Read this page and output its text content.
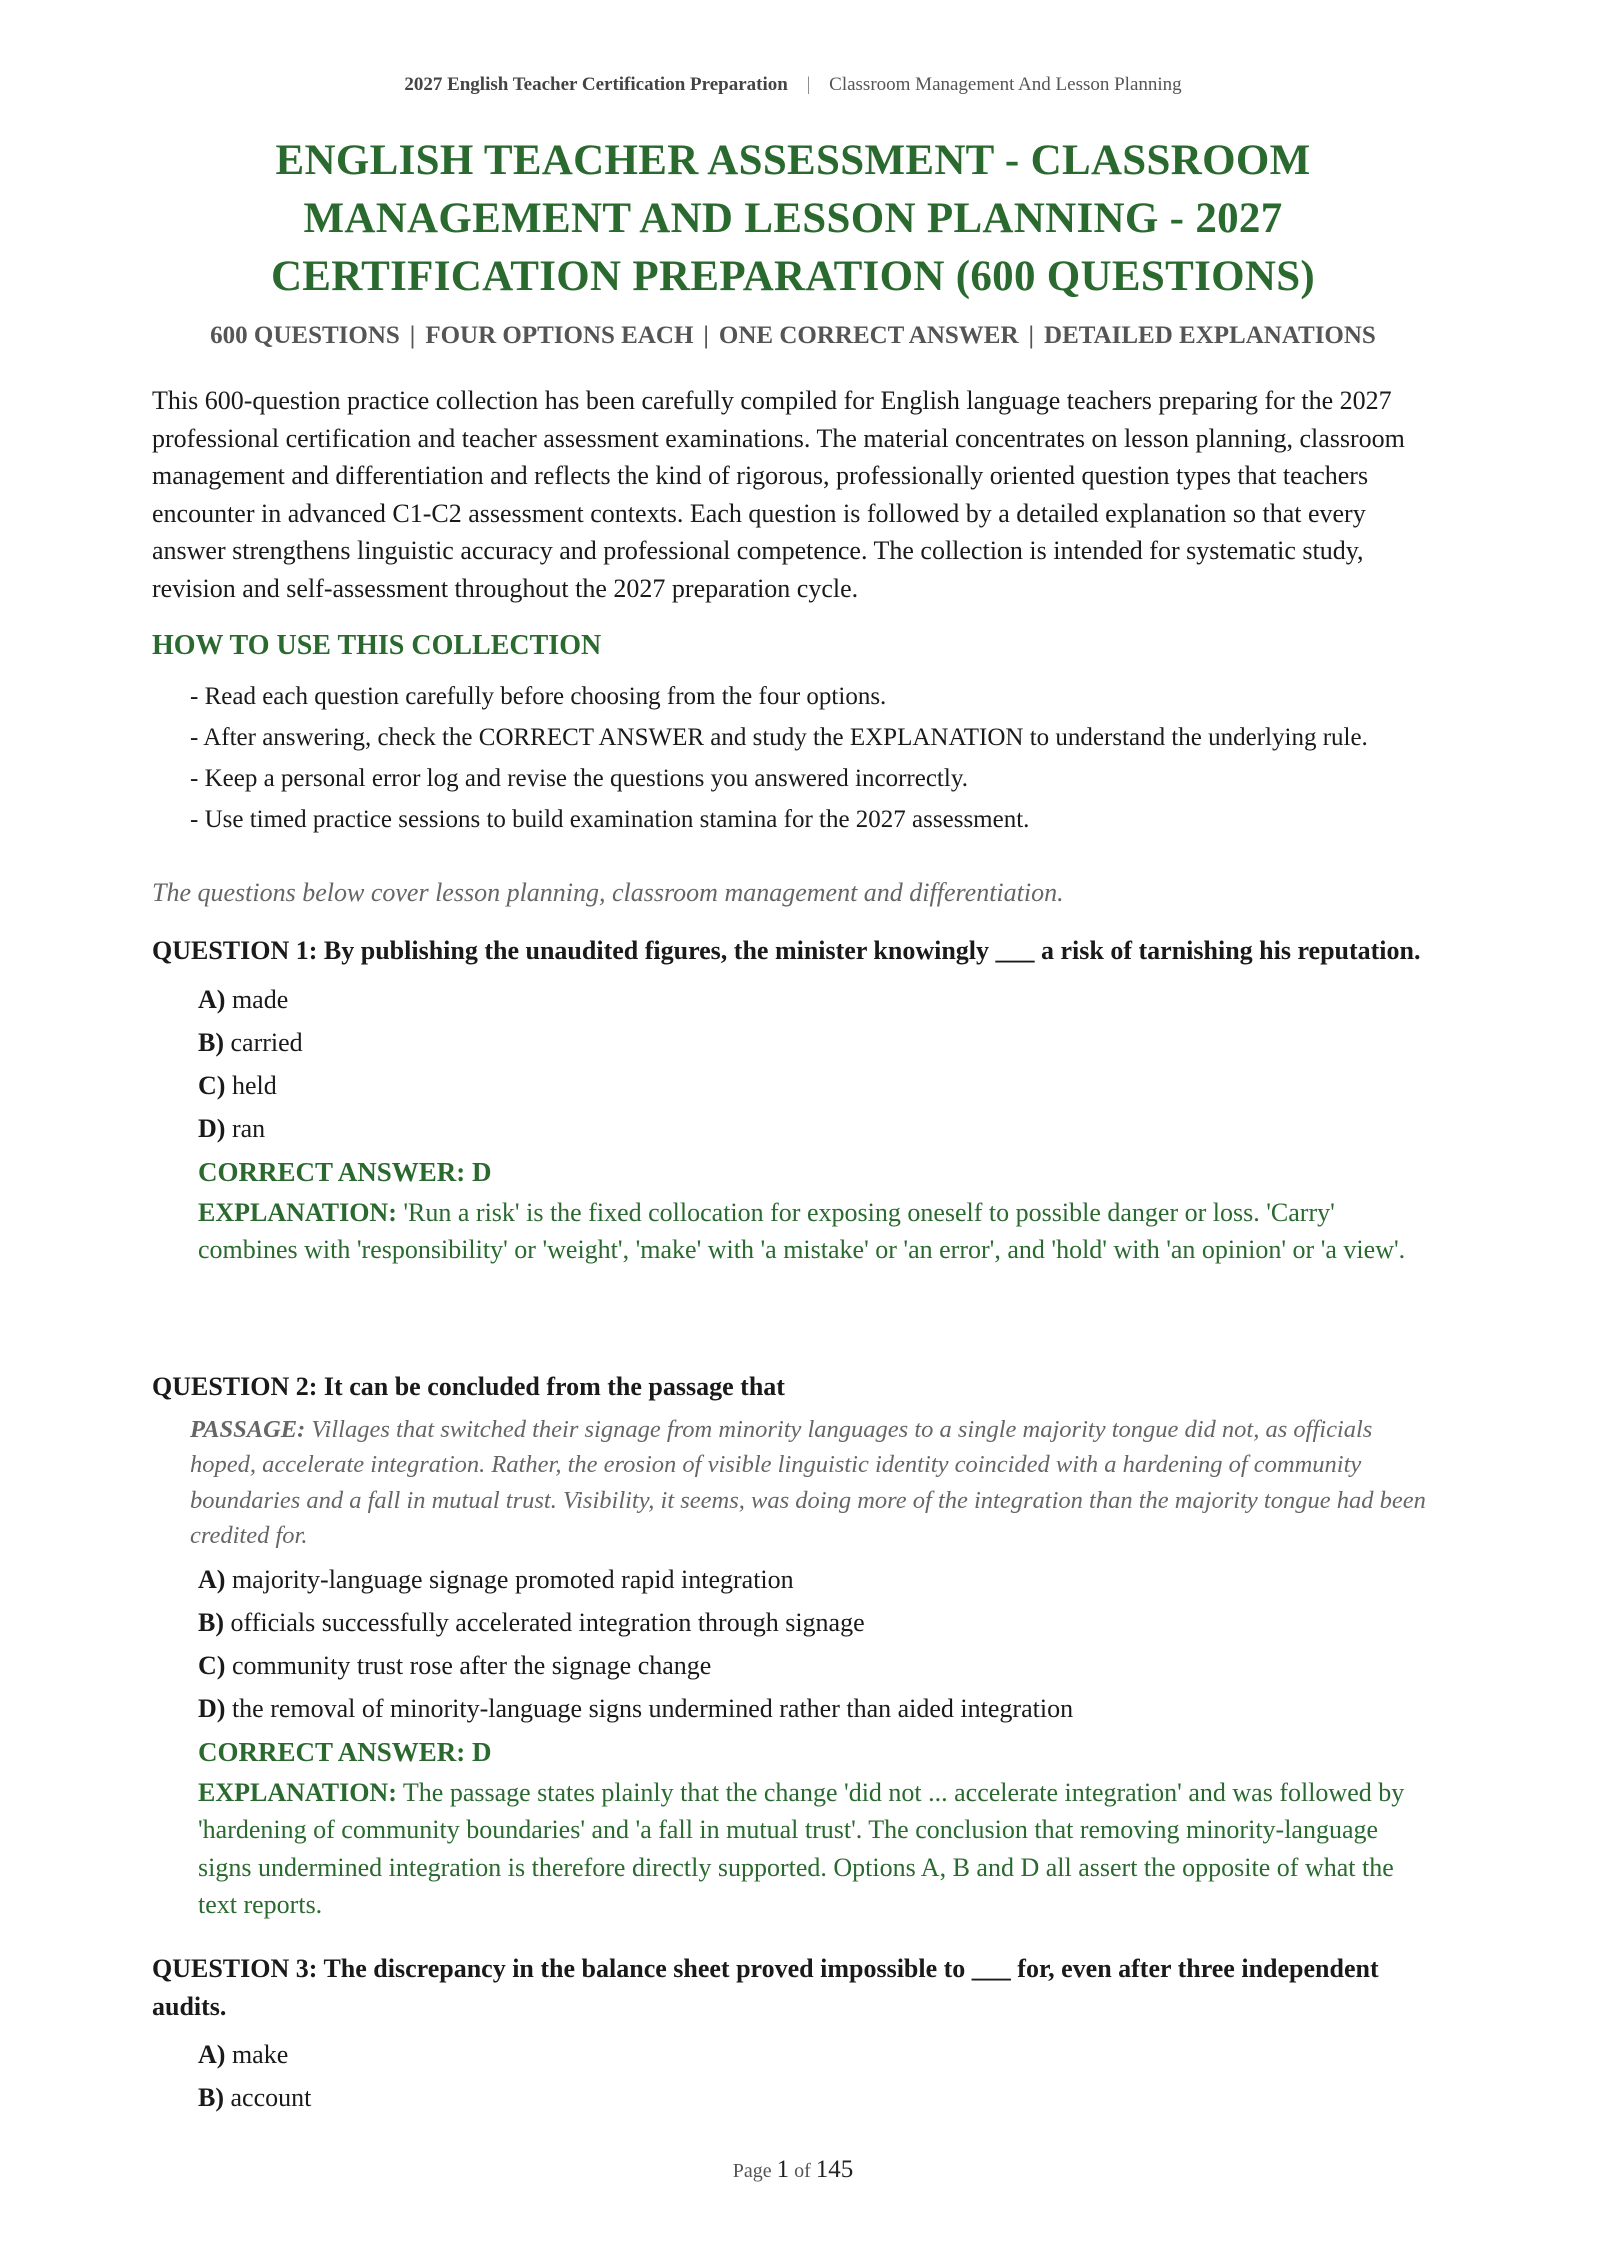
2027 English Teacher Certification Preparation | Classroom Management And Lesson Planning
ENGLISH TEACHER ASSESSMENT - CLASSROOM
MANAGEMENT AND LESSON PLANNING - 2027
CERTIFICATION PREPARATION (600 QUESTIONS)
600 QUESTIONS | FOUR OPTIONS EACH | ONE CORRECT ANSWER | DETAILED EXPLANATIONS

This 600-question practice collection has been carefully compiled for English language teachers preparing for the 2027 professional certification and teacher assessment examinations. The material concentrates on lesson planning, classroom management and differentiation and reflects the kind of rigorous, professionally oriented question types that teachers encounter in advanced C1-C2 assessment contexts. Each question is followed by a detailed explanation so that every answer strengthens linguistic accuracy and professional competence. The collection is intended for systematic study, revision and self-assessment throughout the 2027 preparation cycle.

HOW TO USE THIS COLLECTION
- Read each question carefully before choosing from the four options.
- After answering, check the CORRECT ANSWER and study the EXPLANATION to understand the underlying rule.
- Keep a personal error log and revise the questions you answered incorrectly.
- Use timed practice sessions to build examination stamina for the 2027 assessment.

The questions below cover lesson planning, classroom management and differentiation.

QUESTION 1: By publishing the unaudited figures, the minister knowingly ___ a risk of tarnishing his reputation.

A) made
B) carried
C) held
D) ran
CORRECT ANSWER: D
EXPLANATION: 'Run a risk' is the fixed collocation for exposing oneself to possible danger or loss. 'Carry' combines with 'responsibility' or 'weight', 'make' with 'a mistake' or 'an error', and 'hold' with 'an opinion' or 'a view'.

QUESTION 2: It can be concluded from the passage that

PASSAGE: Villages that switched their signage from minority languages to a single majority tongue did not, as officials hoped, accelerate integration. Rather, the erosion of visible linguistic identity coincided with a hardening of community boundaries and a fall in mutual trust. Visibility, it seems, was doing more of the integration than the majority tongue had been credited for.
A) majority-language signage promoted rapid integration
B) officials successfully accelerated integration through signage
C) community trust rose after the signage change
D) the removal of minority-language signs undermined rather than aided integration
CORRECT ANSWER: D
EXPLANATION: The passage states plainly that the change 'did not ... accelerate integration' and was followed by 'hardening of community boundaries' and 'a fall in mutual trust'. The conclusion that removing minority-language signs undermined integration is therefore directly supported. Options A, B and D all assert the opposite of what the text reports.

QUESTION 3: The discrepancy in the balance sheet proved impossible to ___ for, even after three independent audits.

A) make
B) account
Page 1 of 145
